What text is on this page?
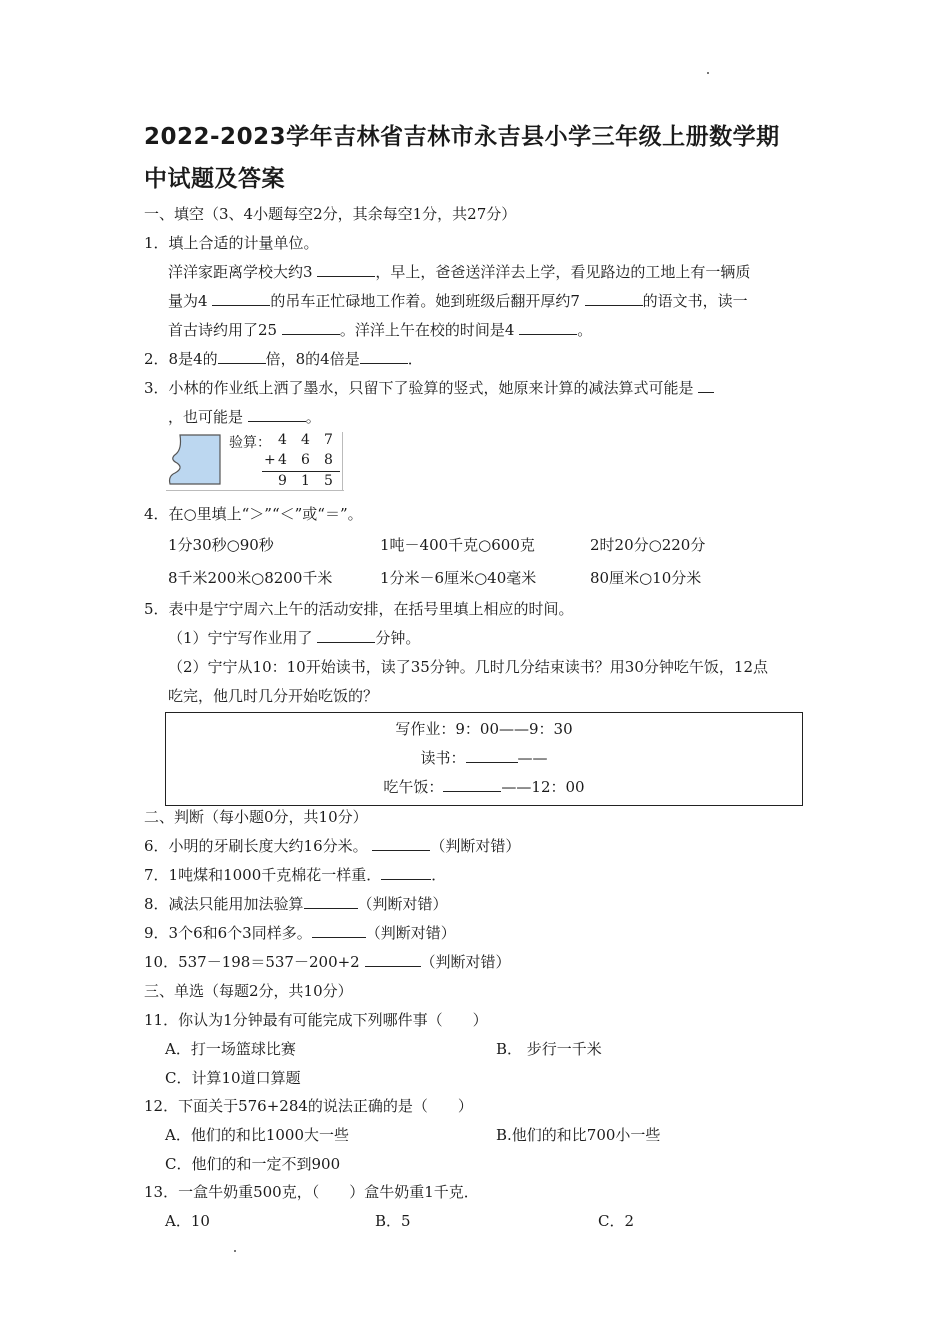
2022-2023学年吉林省吉林市永吉县小学三年级上册数学期
中试题及答案
一、填空（3、4小题每空2分，其余每空1分，共27分）
1．填上合适的计量单位。
洋洋家距离学校大约3	，早上，爸爸送洋洋去上学，看见路边的工地上有一辆质
量为4	的吊车正忙碌地工作着。她到班级后翻开厚约7	的语文书，读一
首古诗约用了25	。洋洋上午在校的时间是4	。
2．8是4的	倍，8的4倍是	．
3．小林的作业纸上洒了墨水，只留下了验算的竖式，她原来计算的减法算式可能是
，也可能是	。
验算： 4 4 7
+ 4 6 8
9 1 5
4．在○里填上“＞”“＜”或“＝”。
1分30秒○90秒	1吨－400千克○600克	2时20分○220分
8千米200米○8200千米	1分米－6厘米○40毫米	80厘米○10分米
5．表中是宁宁周六上午的活动安排，在括号里填上相应的时间。
（1）宁宁写作业用了	分钟。
（2）宁宁从10：10开始读书，读了35分钟。几时几分结束读书？用30分钟吃午饭，12点
吃完，他几时几分开始吃饭的？
写作业：9：00——9：30
读书：	——
吃午饭：	——12：00
二、判断（每小题0分，共10分）
6．小明的牙刷长度大约16分米。	（判断对错）
7．1吨煤和1000千克棉花一样重．	．
8．减法只能用加法验算	（判断对错）
9．3个6和6个3同样多。	（判断对错）
10．537－198＝537－200+2	（判断对错）
三、单选（每题2分，共10分）
11．你认为1分钟最有可能完成下列哪件事（　　）
A．打一场篮球比赛	B． 步行一千米
C．计算10道口算题
12．下面关于576+284的说法正确的是（　　）
A．他们的和比1000大一些	B.他们的和比700小一些
C．他们的和一定不到900
13．一盒牛奶重500克，（　　）盒牛奶重1千克．
A．10	B．5	C．2
